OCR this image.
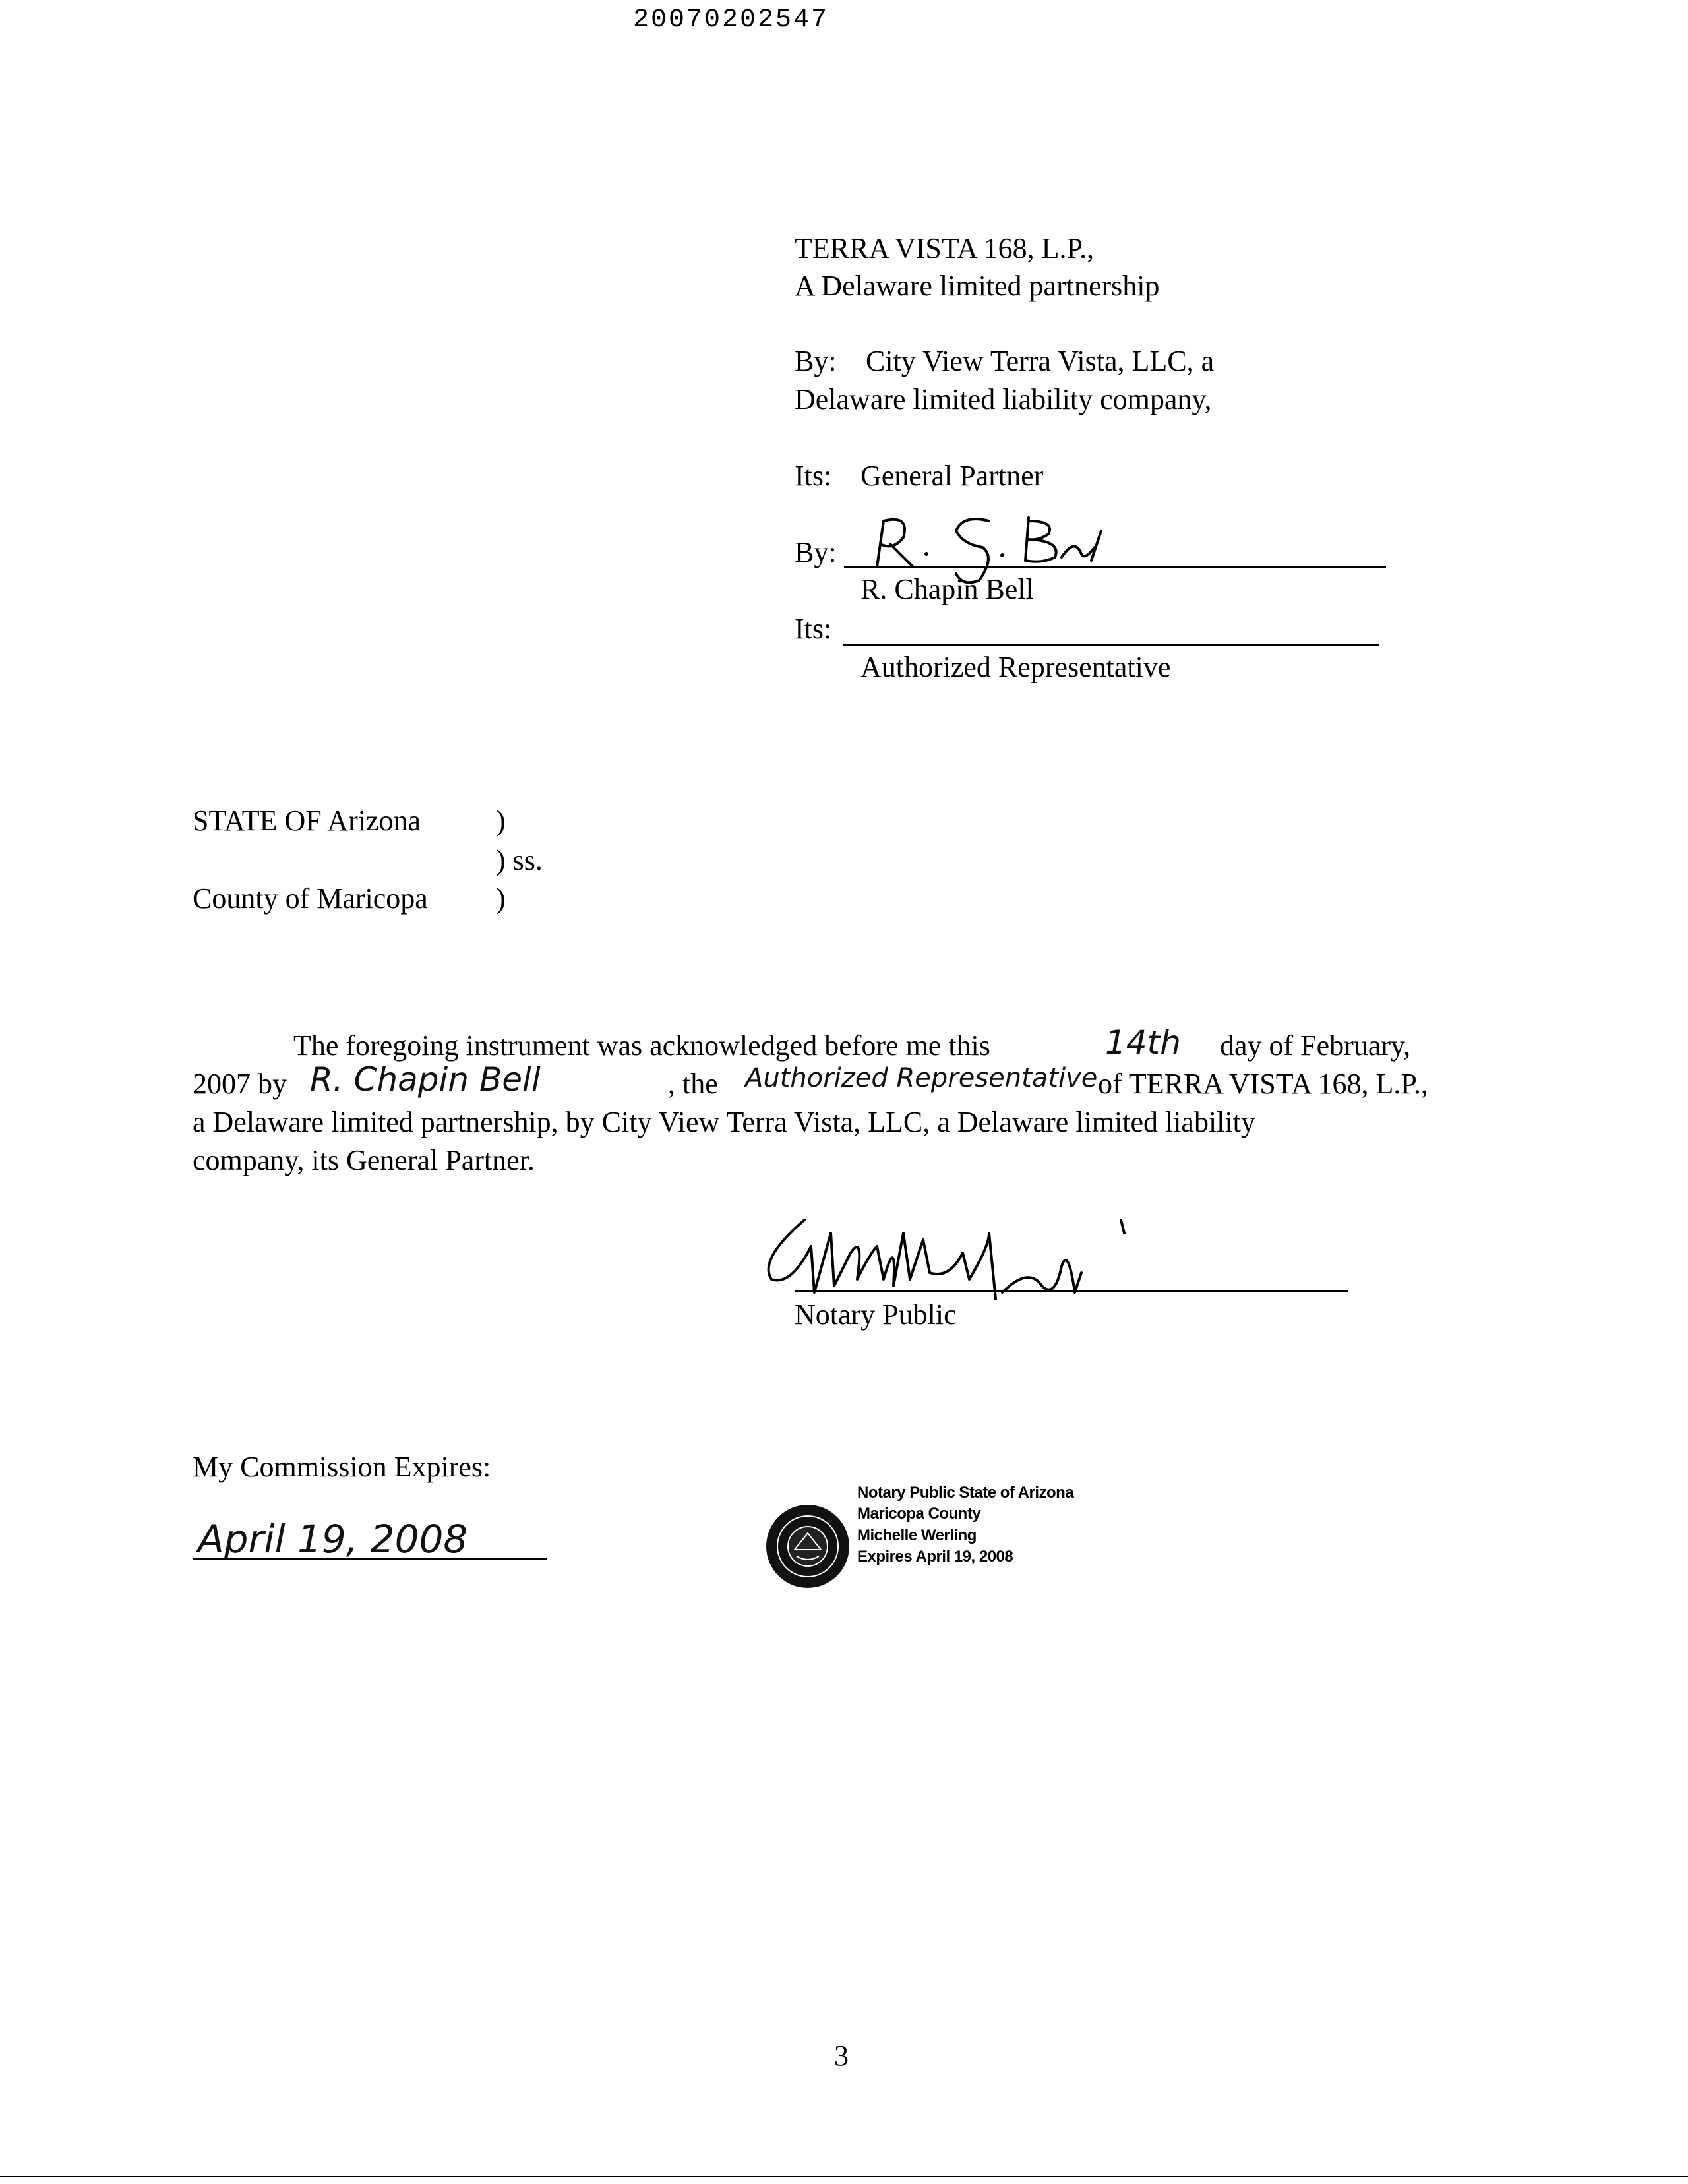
20070202547
TERRA VISTA 168, L.P.,
A Delaware limited partnership
By: City View Terra Vista, LLC, a
Delaware limited liability company,
Its: General Partner
By:
R. Chapin Bell
Its:
Authorized Representative
STATE OF Arizona	)
) ss.
County of Maricopa )
The foregoing instrument was acknowledged before me this	14th day of February,
2007 by R. Chapin Bell	, the Authorized Representative of TERRA VISTA 168, L.P.,
a Delaware limited partnership, by City View Terra Vista, LLC, a Delaware limited liability
company, its General Partner.
Notary Public
My Commission Expires:
April 19, 2008
Notary Public State of Arizona
Maricopa County
Michelle Werling
Expires April 19, 2008
3
